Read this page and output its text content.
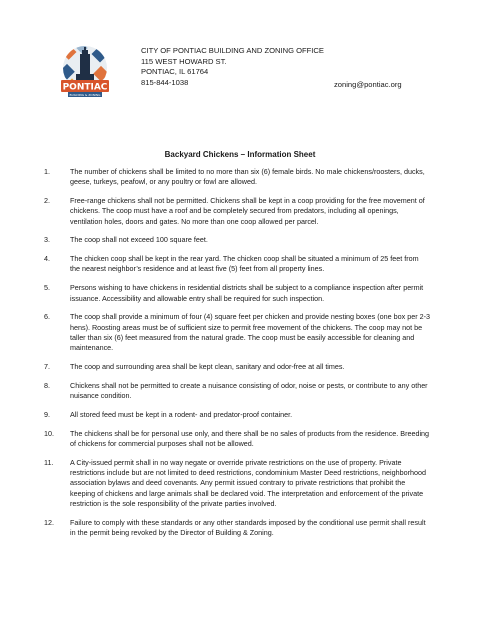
PONTIAC
BUILDING & ZONING
CITY OF PONTIAC BUILDING AND ZONING OFFICE
115 WEST HOWARD ST.
PONTIAC, IL 61764
815-844-1038	zoning@pontiac.org
Backyard Chickens – Information Sheet
1.	The number of chickens shall be limited to no more than six (6) female birds. No male chickens/roosters, ducks, geese, turkeys, peafowl, or any poultry or fowl are allowed.
2.	Free-range chickens shall not be permitted. Chickens shall be kept in a coop providing for the free movement of chickens. The coop must have a roof and be completely secured from predators, including all openings, ventilation holes, doors and gates. No more than one coop allowed per parcel.
3.	The coop shall not exceed 100 square feet.
4.	The chicken coop shall be kept in the rear yard. The chicken coop shall be situated a minimum of 25 feet from the nearest neighbor’s residence and at least five (5) feet from all property lines.
5.	Persons wishing to have chickens in residential districts shall be subject to a compliance inspection after permit issuance. Accessibility and allowable entry shall be required for such inspection.
6.	The coop shall provide a minimum of four (4) square feet per chicken and provide nesting boxes (one box per 2-3 hens). Roosting areas must be of sufficient size to permit free movement of the chickens. The coop may not be taller than six (6) feet measured from the natural grade. The coop must be easily accessible for cleaning and maintenance.
7.	The coop and surrounding area shall be kept clean, sanitary and odor-free at all times.
8.	Chickens shall not be permitted to create a nuisance consisting of odor, noise or pests, or contribute to any other nuisance condition.
9.	All stored feed must be kept in a rodent- and predator-proof container.
10.	The chickens shall be for personal use only, and there shall be no sales of products from the residence. Breeding of chickens for commercial purposes shall not be allowed.
11.	A City-issued permit shall in no way negate or override private restrictions on the use of property. Private restrictions include but are not limited to deed restrictions, condominium Master Deed restrictions, neighborhood association bylaws and deed covenants. Any permit issued contrary to private restrictions that prohibit the keeping of chickens and large animals shall be declared void. The interpretation and enforcement of the private restriction is the sole responsibility of the private parties involved.
12.	Failure to comply with these standards or any other standards imposed by the conditional use permit shall result in the permit being revoked by the Director of Building & Zoning.
